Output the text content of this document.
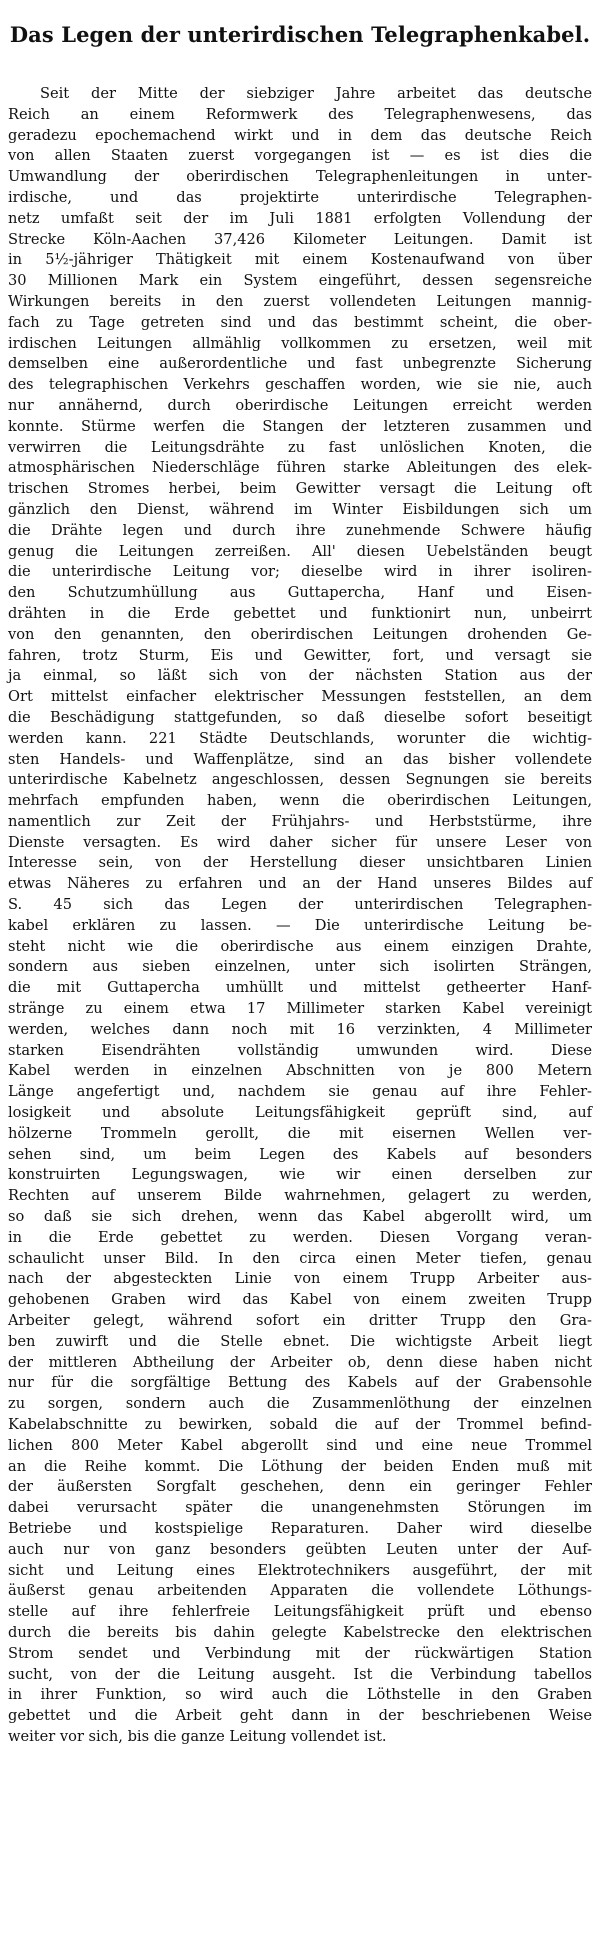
Das Legen der unterirdischen Telegraphenkabel.
Seit der Mitte der siebziger Jahre arbeitet das deutsche
Reich an einem Reformwerk des Telegraphenwesens, das
geradezu epochemachend wirkt und in dem das deutsche Reich
von allen Staaten zuerst vorgegangen ist — es ist dies die
Umwandlung der oberirdischen Telegraphenleitungen in unter-
irdische, und das projektirte unterirdische Telegraphen-
netz umfaßt seit der im Juli 1881 erfolgten Vollendung der
Strecke Köln-Aachen 37,426 Kilometer Leitungen. Damit ist
in 5½-jähriger Thätigkeit mit einem Kostenaufwand von über
30 Millionen Mark ein System eingeführt, dessen segensreiche
Wirkungen bereits in den zuerst vollendeten Leitungen mannig-
fach zu Tage getreten sind und das bestimmt scheint, die ober-
irdischen Leitungen allmählig vollkommen zu ersetzen, weil mit
demselben eine außerordentliche und fast unbegrenzte Sicherung
des telegraphischen Verkehrs geschaffen worden, wie sie nie, auch
nur annähernd, durch oberirdische Leitungen erreicht werden
konnte. Stürme werfen die Stangen der letzteren zusammen und
verwirren die Leitungsdrähte zu fast unlöslichen Knoten, die
atmosphärischen Niederschläge führen starke Ableitungen des elek-
trischen Stromes herbei, beim Gewitter versagt die Leitung oft
gänzlich den Dienst, während im Winter Eisbildungen sich um
die Drähte legen und durch ihre zunehmende Schwere häufig
genug die Leitungen zerreißen. All' diesen Uebelständen beugt
die unterirdische Leitung vor; dieselbe wird in ihrer isoliren-
den Schutzumhüllung aus Guttapercha, Hanf und Eisen-
drähten in die Erde gebettet und funktionirt nun, unbeirrt
von den genannten, den oberirdischen Leitungen drohenden Ge-
fahren, trotz Sturm, Eis und Gewitter, fort, und versagt sie
ja einmal, so läßt sich von der nächsten Station aus der
Ort mittelst einfacher elektrischer Messungen feststellen, an dem
die Beschädigung stattgefunden, so daß dieselbe sofort beseitigt
werden kann. 221 Städte Deutschlands, worunter die wichtig-
sten Handels- und Waffenplätze, sind an das bisher vollendete
unterirdische Kabelnetz angeschlossen, dessen Segnungen sie bereits
mehrfach empfunden haben, wenn die oberirdischen Leitungen,
namentlich zur Zeit der Frühjahrs- und Herbststürme, ihre
Dienste versagten. Es wird daher sicher für unsere Leser von
Interesse sein, von der Herstellung dieser unsichtbaren Linien
etwas Näheres zu erfahren und an der Hand unseres Bildes auf
S. 45 sich das Legen der unterirdischen Telegraphen-
kabel erklären zu lassen. — Die unterirdische Leitung be-
steht nicht wie die oberirdische aus einem einzigen Drahte,
sondern aus sieben einzelnen, unter sich isolirten Strängen,
die mit Guttapercha umhüllt und mittelst getheerter Hanf-
stränge zu einem etwa 17 Millimeter starken Kabel vereinigt
werden, welches dann noch mit 16 verzinkten, 4 Millimeter
starken Eisendrähten vollständig umwunden wird. Diese
Kabel werden in einzelnen Abschnitten von je 800 Metern
Länge angefertigt und, nachdem sie genau auf ihre Fehler-
losigkeit und absolute Leitungsfähigkeit geprüft sind, auf
hölzerne Trommeln gerollt, die mit eisernen Wellen ver-
sehen sind, um beim Legen des Kabels auf besonders
konstruirten Legungswagen, wie wir einen derselben zur
Rechten auf unserem Bilde wahrnehmen, gelagert zu werden,
so daß sie sich drehen, wenn das Kabel abgerollt wird, um
in die Erde gebettet zu werden. Diesen Vorgang veran-
schaulicht unser Bild. In den circa einen Meter tiefen, genau
nach der abgesteckten Linie von einem Trupp Arbeiter aus-
gehobenen Graben wird das Kabel von einem zweiten Trupp
Arbeiter gelegt, während sofort ein dritter Trupp den Gra-
ben zuwirft und die Stelle ebnet. Die wichtigste Arbeit liegt
der mittleren Abtheilung der Arbeiter ob, denn diese haben nicht
nur für die sorgfältige Bettung des Kabels auf der Grabensohle
zu sorgen, sondern auch die Zusammenlöthung der einzelnen
Kabelabschnitte zu bewirken, sobald die auf der Trommel befind-
lichen 800 Meter Kabel abgerollt sind und eine neue Trommel
an die Reihe kommt. Die Löthung der beiden Enden muß mit
der äußersten Sorgfalt geschehen, denn ein geringer Fehler
dabei verursacht später die unangenehmsten Störungen im
Betriebe und kostspielige Reparaturen. Daher wird dieselbe
auch nur von ganz besonders geübten Leuten unter der Auf-
sicht und Leitung eines Elektrotechnikers ausgeführt, der mit
äußerst genau arbeitenden Apparaten die vollendete Löthungs-
stelle auf ihre fehlerfreie Leitungsfähigkeit prüft und ebenso
durch die bereits bis dahin gelegte Kabelstrecke den elektrischen
Strom sendet und Verbindung mit der rückwärtigen Station
sucht, von der die Leitung ausgeht. Ist die Verbindung tabellos
in ihrer Funktion, so wird auch die Löthstelle in den Graben
gebettet und die Arbeit geht dann in der beschriebenen Weise
weiter vor sich, bis die ganze Leitung vollendet ist.
